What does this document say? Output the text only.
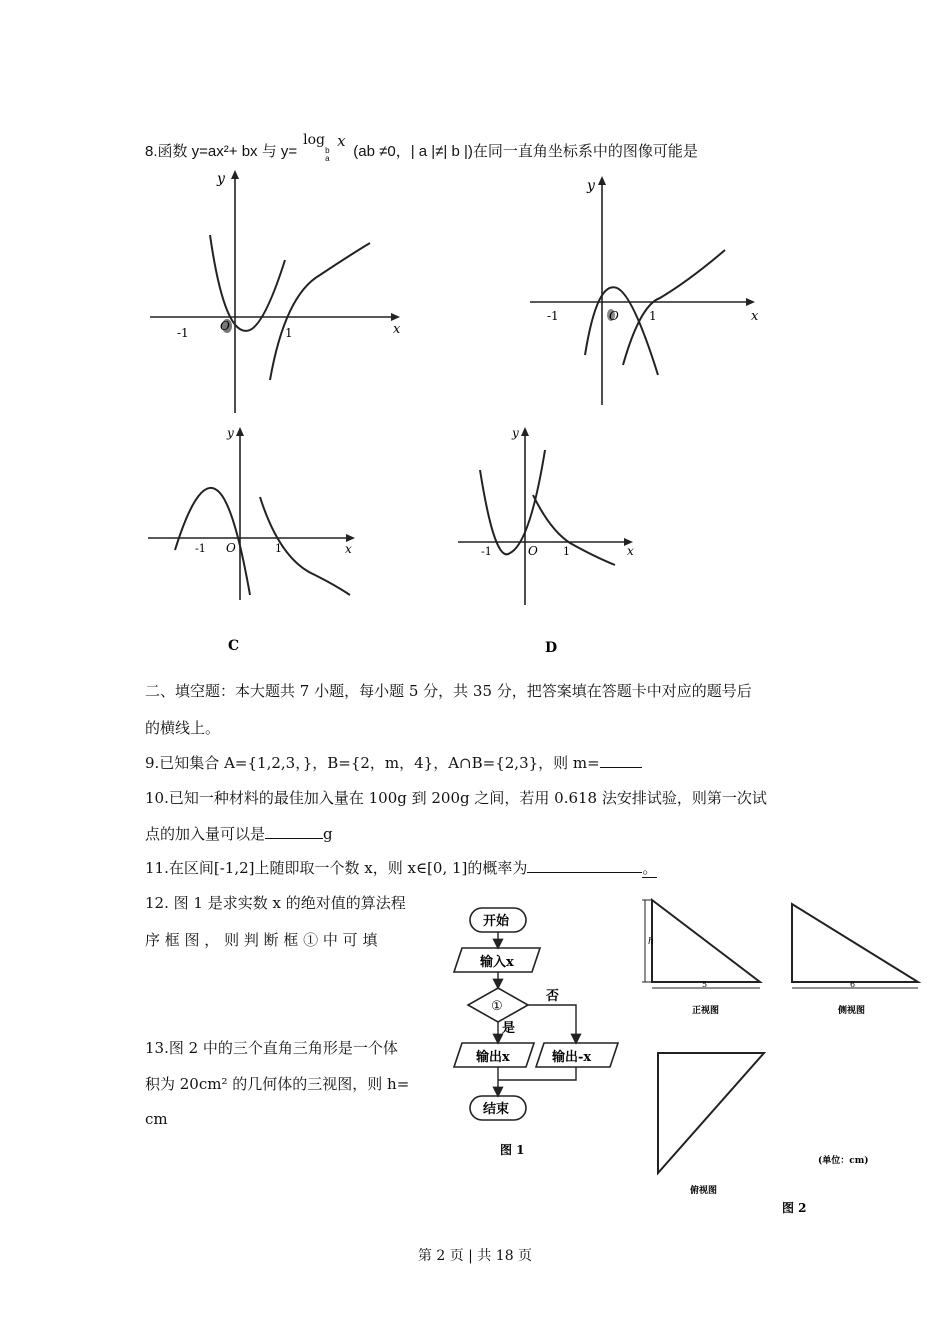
8.函数 y=ax²+ bx 与 y=
log
b
a
x
(ab ≠0，| a |≠| b |)在同一直角坐标系中的图像可能是
y
x
O
-1	1
y
x
O
-1	1
y
x
O
-1	1
C
y
x
O
-1	1
D
二、填空题：本大题共 7 小题，每小题 5 分，共 35 分，把答案填在答题卡中对应的题号后
的横线上。
9.已知集合 A={1,2,3，}，B={2，m，4}，A∩B={2,3}，则 m=
10.已知一种材料的最佳加入量在 100g 到 200g 之间，若用 0.618 法安排试验，则第一次试
点的加入量可以是	g
11.在区间[-1,2]上随即取一个数 x，则 x∈[0, 1]的概率为	。
12. 图 1 是求实数 x 的绝对值的算法程
序 框 图 ， 则 判 断 框 ① 中 可 填
13.图 2 中的三个直角三角形是一个体
积为 20cm² 的几何体的三视图，则 h=
cm
开始
输入x
①
否
是
输出x	输出-x
结束
图 1
h
5
正视图
6
侧视图
俯视图
(单位：cm)
图 2
第 2 页 | 共 18 页
